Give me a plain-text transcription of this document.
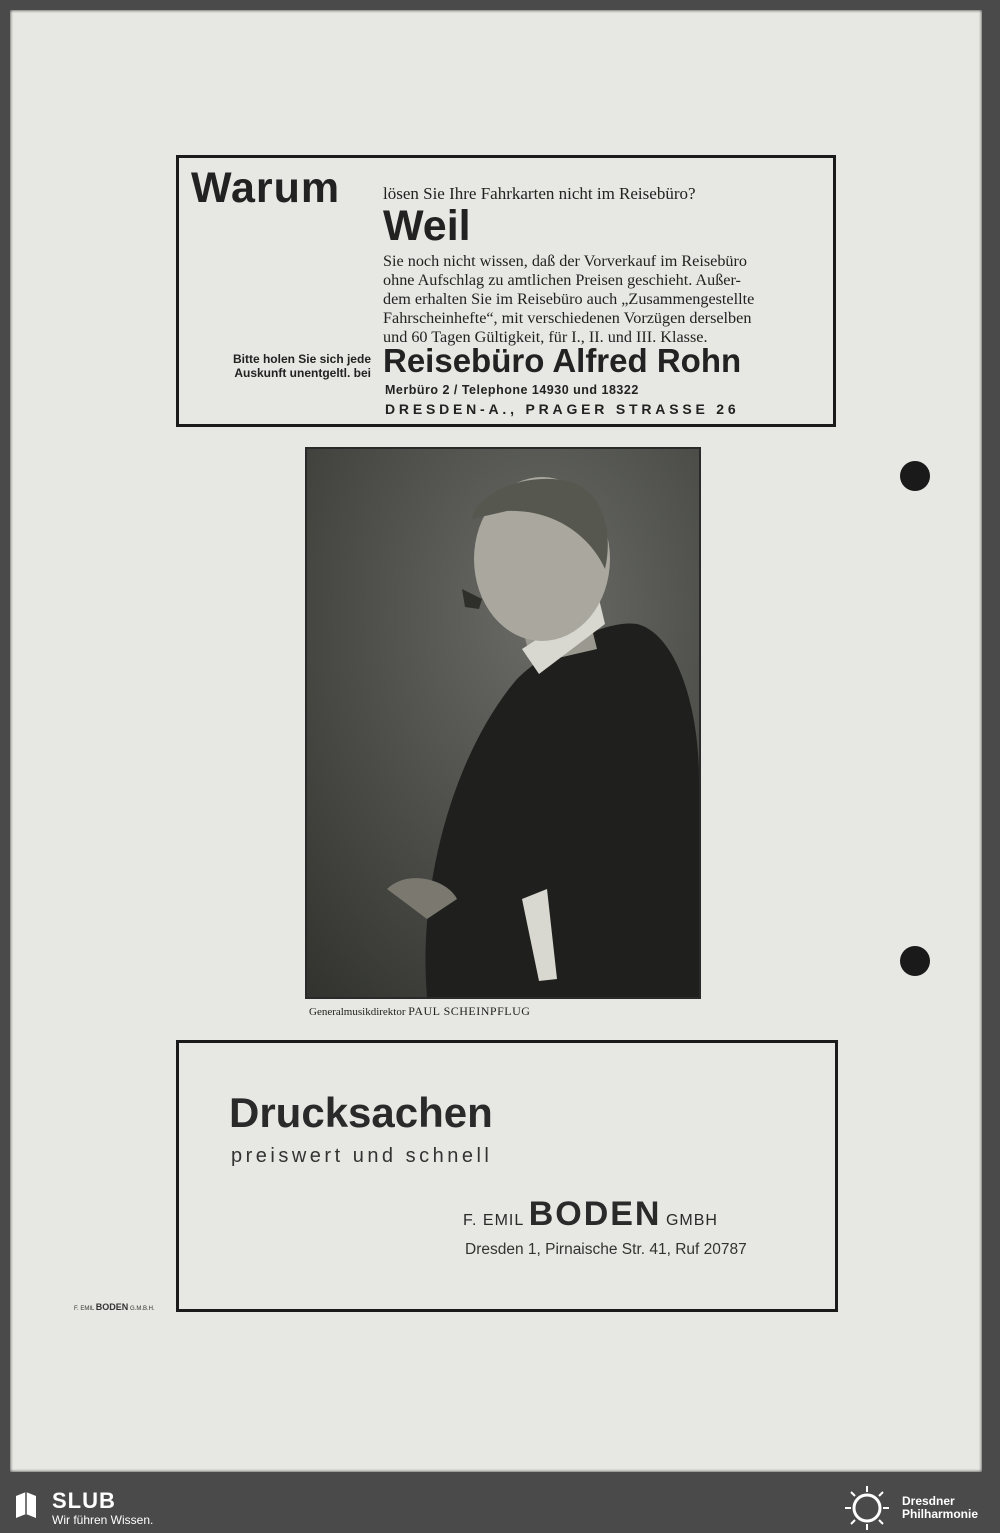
Warum	lösen Sie Ihre Fahrkarten nicht im Reisebüro?
Weil
Sie noch nicht wissen, daß der Vorverkauf im Reisebüro
ohne Aufschlag zu amtlichen Preisen geschieht. Außer-
dem erhalten Sie im Reisebüro auch „Zusammengestellte
Fahrscheinhefte“, mit verschiedenen Vorzügen derselben
und 60 Tagen Gültigkeit, für I., II. und III. Klasse.
Bitte holen Sie sich jede
Auskunft unentgeltl. bei Reisebüro Alfred Rohn
Merbüro 2 / Telephone 14930 und 18322
DRESDEN-A., PRAGER STRASSE 26
Generalmusikdirektor PAUL SCHEINPFLUG
Drucksachen
preiswert und schnell
F. EMIL BODEN GMBH
Dresden 1, Pirnaische Str. 41, Ruf 20787
F. EMIL BODEN G.M.B.H.
SLUB
Wir führen Wissen.
Dresdner
Philharmonie
